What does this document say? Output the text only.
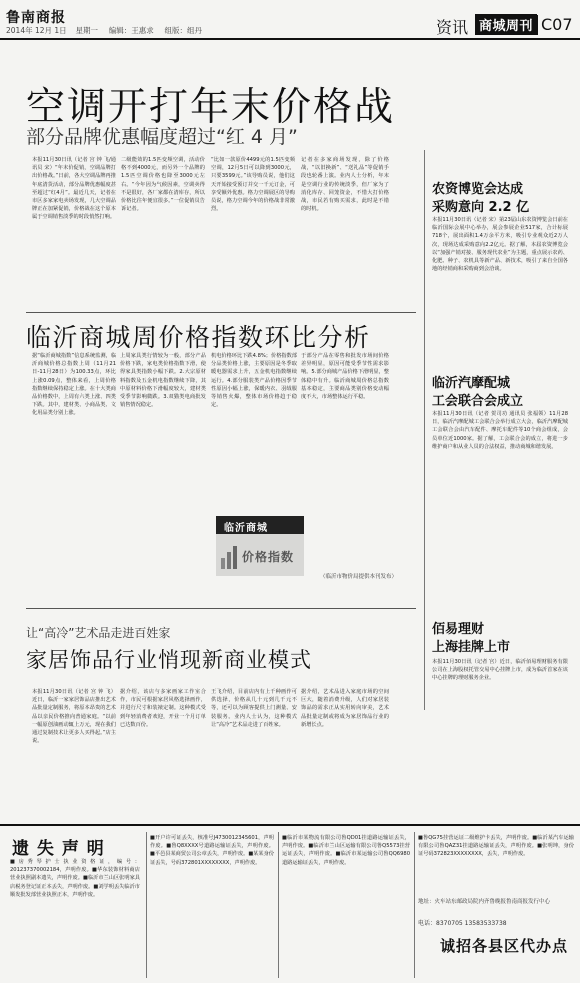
鲁南商报
2014年 12月 1日 星期一 编辑：王惠求 组版：组丹	资讯 商城周刊 C07
空调开打年末价格战
部分品牌优惠幅度超过“红 4 月”
本报11月30日讯（记者 宫 钟 飞/通讯员 宋）“年末价促销，空调品牌打出价格战。”日前，各大空调品牌再推年底清货活动，部分品牌优惠幅度甚至超过“红4月”。最近几天，记者在市区多家家电卖场发现，几大空调品牌正在加紧促销，价格战在这个原本属于空调销售淡季的时段悄然打响。
二级能效的1.5匹变频空调，活动价格不到4000元，而另外一个品牌的1.5匹空调价格也降至3000元左右。“今年因为气候因素，空调卖得不是很好，各厂家都在清库存，所以价格比往年便宜很多。”一位促销员告诉记者。
“比如一款原价4499元的1.5匹变频空调，12月5日可以降到3000元，只要3599元。”该导购员说，他们这天开始接受预订并交一千元订金，可享受额外优惠。格力空调展区的导购员说，格力空调今年的价格战非常激烈。
记者在多家商场发现，除了价格战，“以旧换新”、“送礼品”等促销手段也轮番上演。业内人士分析，年末是空调行业的传统淡季，但厂家为了消化库存、回笼资金，不惜大打价格战，市民若有购买需求，此时是不错的时机。
农资博览会达成
采购意向 2.2 亿
本报11月30日讯（记者 宋）第23届山东农资博览会日前在临沂国际会展中心举办，展会参展企业517家，合计标展718个，展出面积1.4万余平方米，吸引专业观众近2万人次，现场达成采购意向2.2亿元。据了解，本届农资博览会以“加强产销对接、服务现代农业”为主题，重点展示农药、化肥、种子、农机具等新产品、新技术，吸引了来自全国各地的经销商和采购商到会洽谈。
临沂商城周价格指数环比分析
据“临沂商城指数”信息系统监测，临沂商城价格总指数上周（11月21日-11月28日）为100.33点，环比上涨0.09点，整体来看，上周价格指数继续保持稳定上涨。在十大类商品价格数中，上周有六类上涨、四类下跌。其中，建材类、小商品类、文化用品类分别上涨。
上周家具类行情较为一般，部分产品价格下跌，家电类价格指数下滑，使得家具类指数小幅下跌。2.大宗原材料指数及五金机电指数继续下降，其中原材料价格下滑幅度较大，建材类受季节影响微跌。3.双猫类电商批发销售情况稳定。
机电价格环比下跌4.8%；价格指数部分品类价格上涨，主要原因是冬季取暖电器需求上升，五金机电指数继续运行。4.部分服装类产品价格因季节性原因小幅上涨，保暖内衣、羽绒服等销售火爆，整体市场价格趋于稳定。
于部分产品在零售和批发市场间价格差异明显，原因可能受季节性需求影响。5.部分商城产品价格下滑明显，整体稳中有升。临沂商城周价格总指数基本稳定，主要商品类别价格变动幅度不大，市场整体运行平稳。
（临沂市物价局提供本刊发布）
临沂商城
价格指数
临沂汽摩配城
工会联合会成立
本报11月30日讯（记者 贺司功 通讯员 张福领）11月28日，临沂汽摩配城工会联合会举行成立大会，临沂汽摩配城工会联合会由汽车配件、摩托车配件等10个商会组成，会员单位近1000家。据了解，工会联合会的成立，将进一步维护商户和从业人员的合法权益，推动商城和谐发展。
佰易理财
上海挂牌上市
本报11月30日讯（记者 宫）近日，临沂佰易理财服务有限公司在上海股权托管交易中心挂牌上市，成为临沂首家在该中心挂牌的理财服务企业。
让“高冷”艺术品走进百姓家
家居饰品行业悄现新商业模式
本报11月30日讯（记者 宫 钟 飞）近日，临沂一家家居饰品店推出艺术品批量定制服务，将原本昂贵的艺术品以亲民价格推向普通家庭。“以前一幅原创油画动辄上万元，现在我们通过复制技术让更多人买得起。”店主说。
据介绍，该店与多家画家工作室合作，市民可根据家居风格选择画作，并进行尺寸和装裱定制。这种模式受到年轻消费者欢迎，开业一个月订单已达数百份。
王飞介绍，目前店内有上千种画作可供选择，价格从几十元到几千元不等，还可以为顾客提供上门测量、安装服务。业内人士认为，这种模式让“高冷”艺术品走进了百姓家。
据介绍，艺术品进入家庭市场的空间巨大，随着消费升级，人们对家居装饰品的需求正从实用转向审美，艺术品批量定制或将成为家居饰品行业的新增长点。
遗 失 声 明
■房秀琴护士执业资格证，编号：201237370002184，声明作废。■华东装饰材料商店营业执照副本遗失，声明作废。■临沂市兰山区张明家具店税务登记证正本丢失，声明作废。■刘学明丢失临沂市顺发批发部营业执照正本，声明作废。
■开户许可证丢失，核准号J4730012345601，声明作废。■鲁Q8XXXX号道路运输证丢失，声明作废。■平邑县某商贸公司公章丢失，声明作废。■某某身份证丢失，号码372801XXXXXXXX，声明作废。
■临沂市某物流有限公司鲁QD01挂道路运输证丢失，声明作废。■临沂市兰山区运输有限公司鲁Q5573挂营运证丢失，声明作废。■临沂市某运输公司鲁QQ6980道路运输证丢失，声明作废。
■鲁QG75挂营运证二级维护卡丢失，声明作废。■临沂某汽车运输有限公司鲁QAZ31挂道路运输证丢失，声明作废。■张明坤，身份证号码372823XXXXXXXX，丢失，声明作废。
地址：火车站东邮政局院内齐鲁晚报鲁南商报发行中心
电话：8370705 13583533738
诚招各县区代办点
